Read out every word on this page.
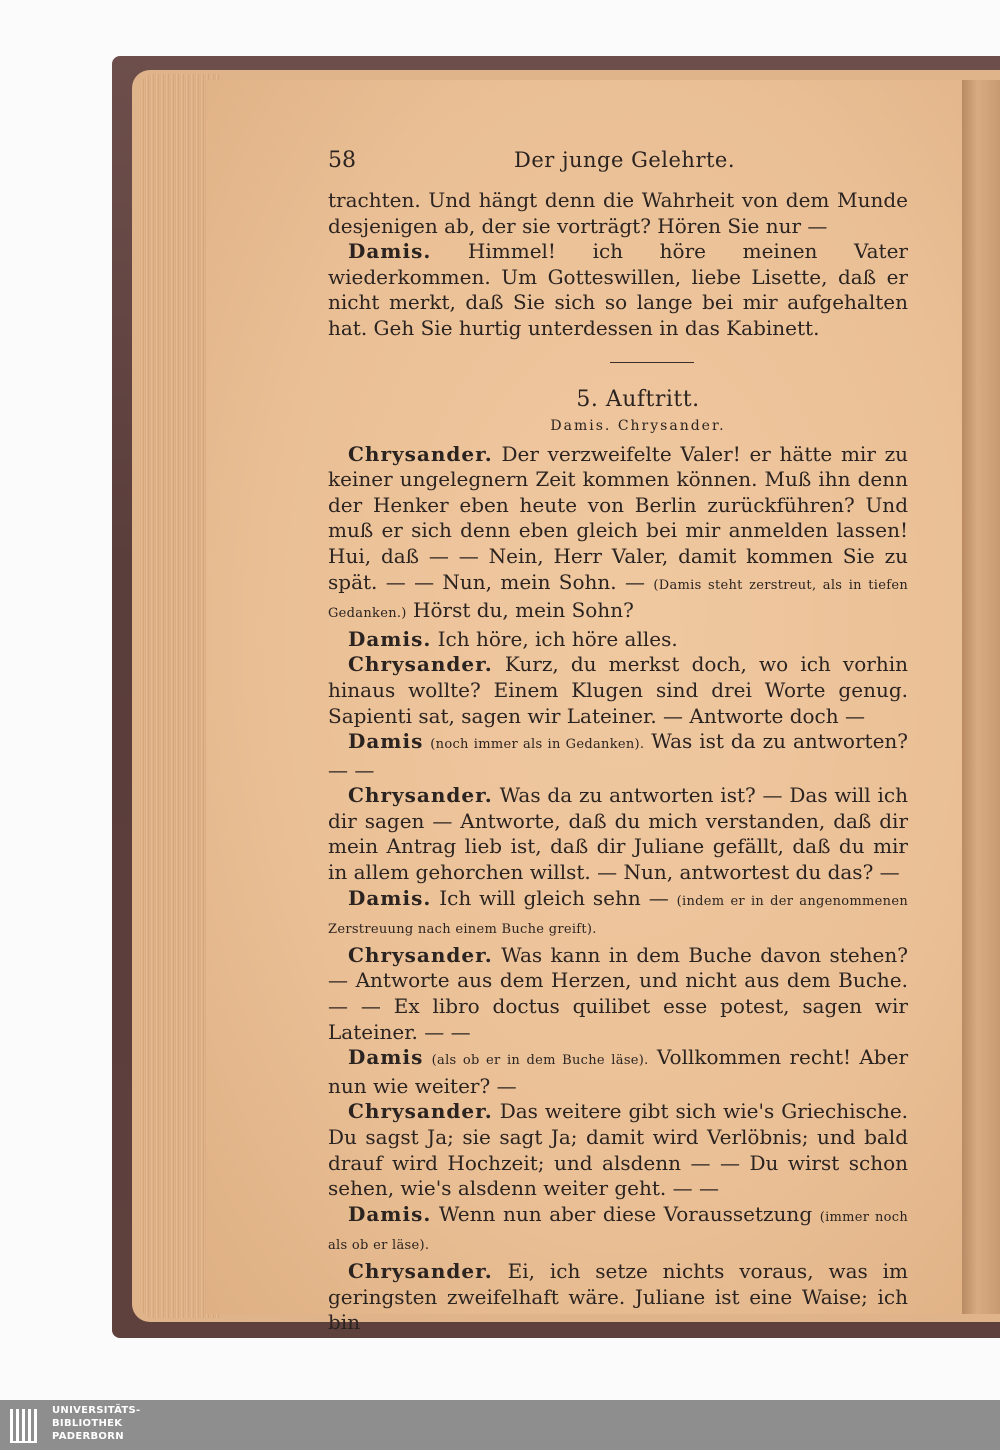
58	Der junge Gelehrte.

trachten. Und hängt denn die Wahrheit von dem Munde desjenigen ab, der sie vorträgt? Hören Sie nur —

Damis. Himmel! ich höre meinen Vater wiederkommen. Um Gotteswillen, liebe Lisette, daß er nicht merkt, daß Sie sich so lange bei mir aufgehalten hat. Geh Sie hurtig unterdessen in das Kabinett.

5. Auftritt.

Damis. Chrysander.

Chrysander. Der verzweifelte Valer! er hätte mir zu keiner ungelegnern Zeit kommen können. Muß ihn denn der Henker eben heute von Berlin zurückführen? Und muß er sich denn eben gleich bei mir anmelden lassen! Hui, daß — — Nein, Herr Valer, damit kommen Sie zu spät. — — Nun, mein Sohn. — (Damis steht zerstreut, als in tiefen Gedanken.) Hörst du, mein Sohn?

Damis. Ich höre, ich höre alles.

Chrysander. Kurz, du merkst doch, wo ich vorhin hinaus wollte? Einem Klugen sind drei Worte genug. Sapienti sat, sagen wir Lateiner. — Antworte doch —

Damis (noch immer als in Gedanken). Was ist da zu antworten? — —

Chrysander. Was da zu antworten ist? — Das will ich dir sagen — Antworte, daß du mich verstanden, daß dir mein Antrag lieb ist, daß dir Juliane gefällt, daß du mir in allem gehorchen willst. — Nun, antwortest du das? —

Damis. Ich will gleich sehn — (indem er in der angenommenen Zerstreuung nach einem Buche greift).

Chrysander. Was kann in dem Buche davon stehen? — Antworte aus dem Herzen, und nicht aus dem Buche. — — Ex libro doctus quilibet esse potest, sagen wir Lateiner. — —

Damis (als ob er in dem Buche läse). Vollkommen recht! Aber nun wie weiter? —

Chrysander. Das weitere gibt sich wie's Griechische. Du sagst Ja; sie sagt Ja; damit wird Verlöbnis; und bald drauf wird Hochzeit; und alsdenn — — Du wirst schon sehen, wie's alsdenn weiter geht. — —

Damis. Wenn nun aber diese Voraussetzung (immer noch als ob er läse).

Chrysander. Ei, ich setze nichts voraus, was im geringsten zweifelhaft wäre. Juliane ist eine Waise; ich bin

UNIVERSITÄTS-
BIBLIOTHEK
PADERBORN
